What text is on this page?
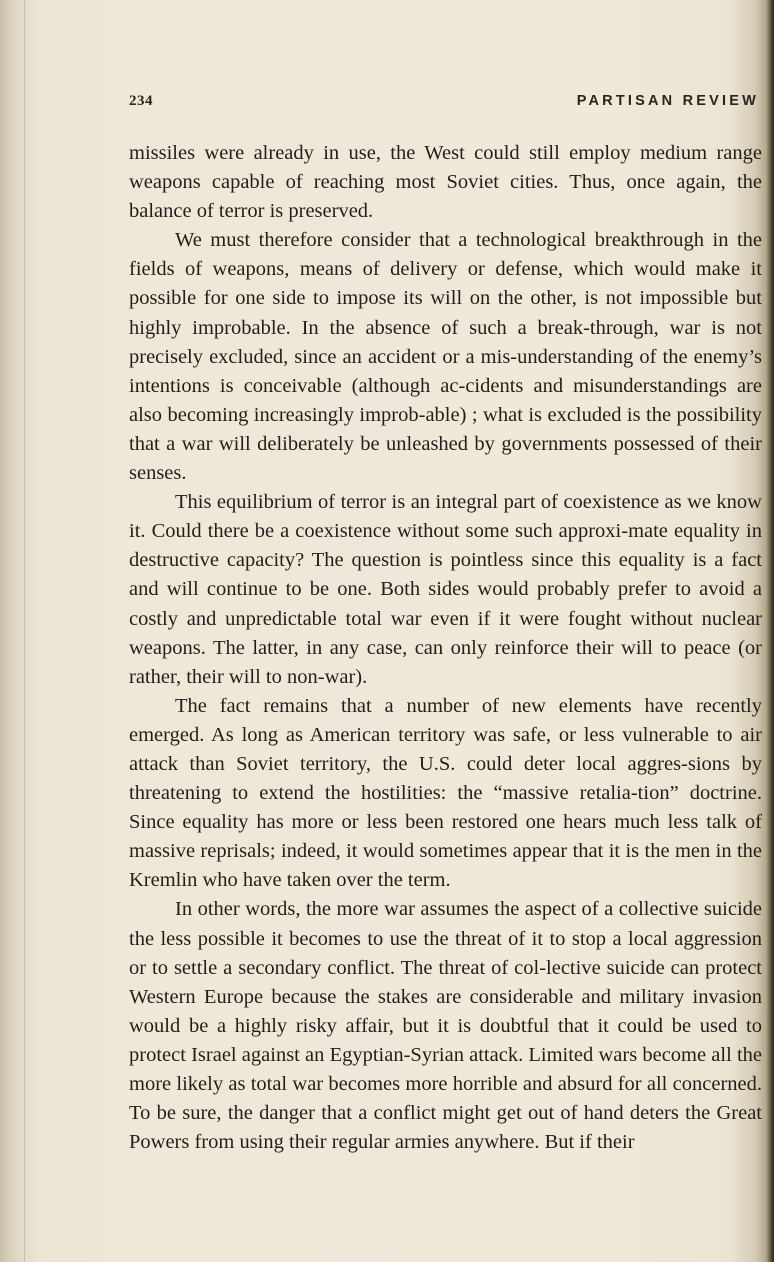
234	PARTISAN REVIEW

missiles were already in use, the West could still employ medium range weapons capable of reaching most Soviet cities. Thus, once again, the balance of terror is preserved.

We must therefore consider that a technological breakthrough in the fields of weapons, means of delivery or defense, which would make it possible for one side to impose its will on the other, is not impossible but highly improbable. In the absence of such a break-through, war is not precisely excluded, since an accident or a mis-understanding of the enemy’s intentions is conceivable (although ac-cidents and misunderstandings are also becoming increasingly improb-able) ; what is excluded is the possibility that a war will deliberately be unleashed by governments possessed of their senses.

This equilibrium of terror is an integral part of coexistence as we know it. Could there be a coexistence without some such approxi-mate equality in destructive capacity? The question is pointless since this equality is a fact and will continue to be one. Both sides would probably prefer to avoid a costly and unpredictable total war even if it were fought without nuclear weapons. The latter, in any case, can only reinforce their will to peace (or rather, their will to non-war).

The fact remains that a number of new elements have recently emerged. As long as American territory was safe, or less vulnerable to air attack than Soviet territory, the U.S. could deter local aggres-sions by threatening to extend the hostilities: the “massive retalia-tion” doctrine. Since equality has more or less been restored one hears much less talk of massive reprisals; indeed, it would sometimes appear that it is the men in the Kremlin who have taken over the term.

In other words, the more war assumes the aspect of a collective suicide the less possible it becomes to use the threat of it to stop a local aggression or to settle a secondary conflict. The threat of col-lective suicide can protect Western Europe because the stakes are considerable and military invasion would be a highly risky affair, but it is doubtful that it could be used to protect Israel against an Egyptian-Syrian attack. Limited wars become all the more likely as total war becomes more horrible and absurd for all concerned. To be sure, the danger that a conflict might get out of hand deters the Great Powers from using their regular armies anywhere. But if their
